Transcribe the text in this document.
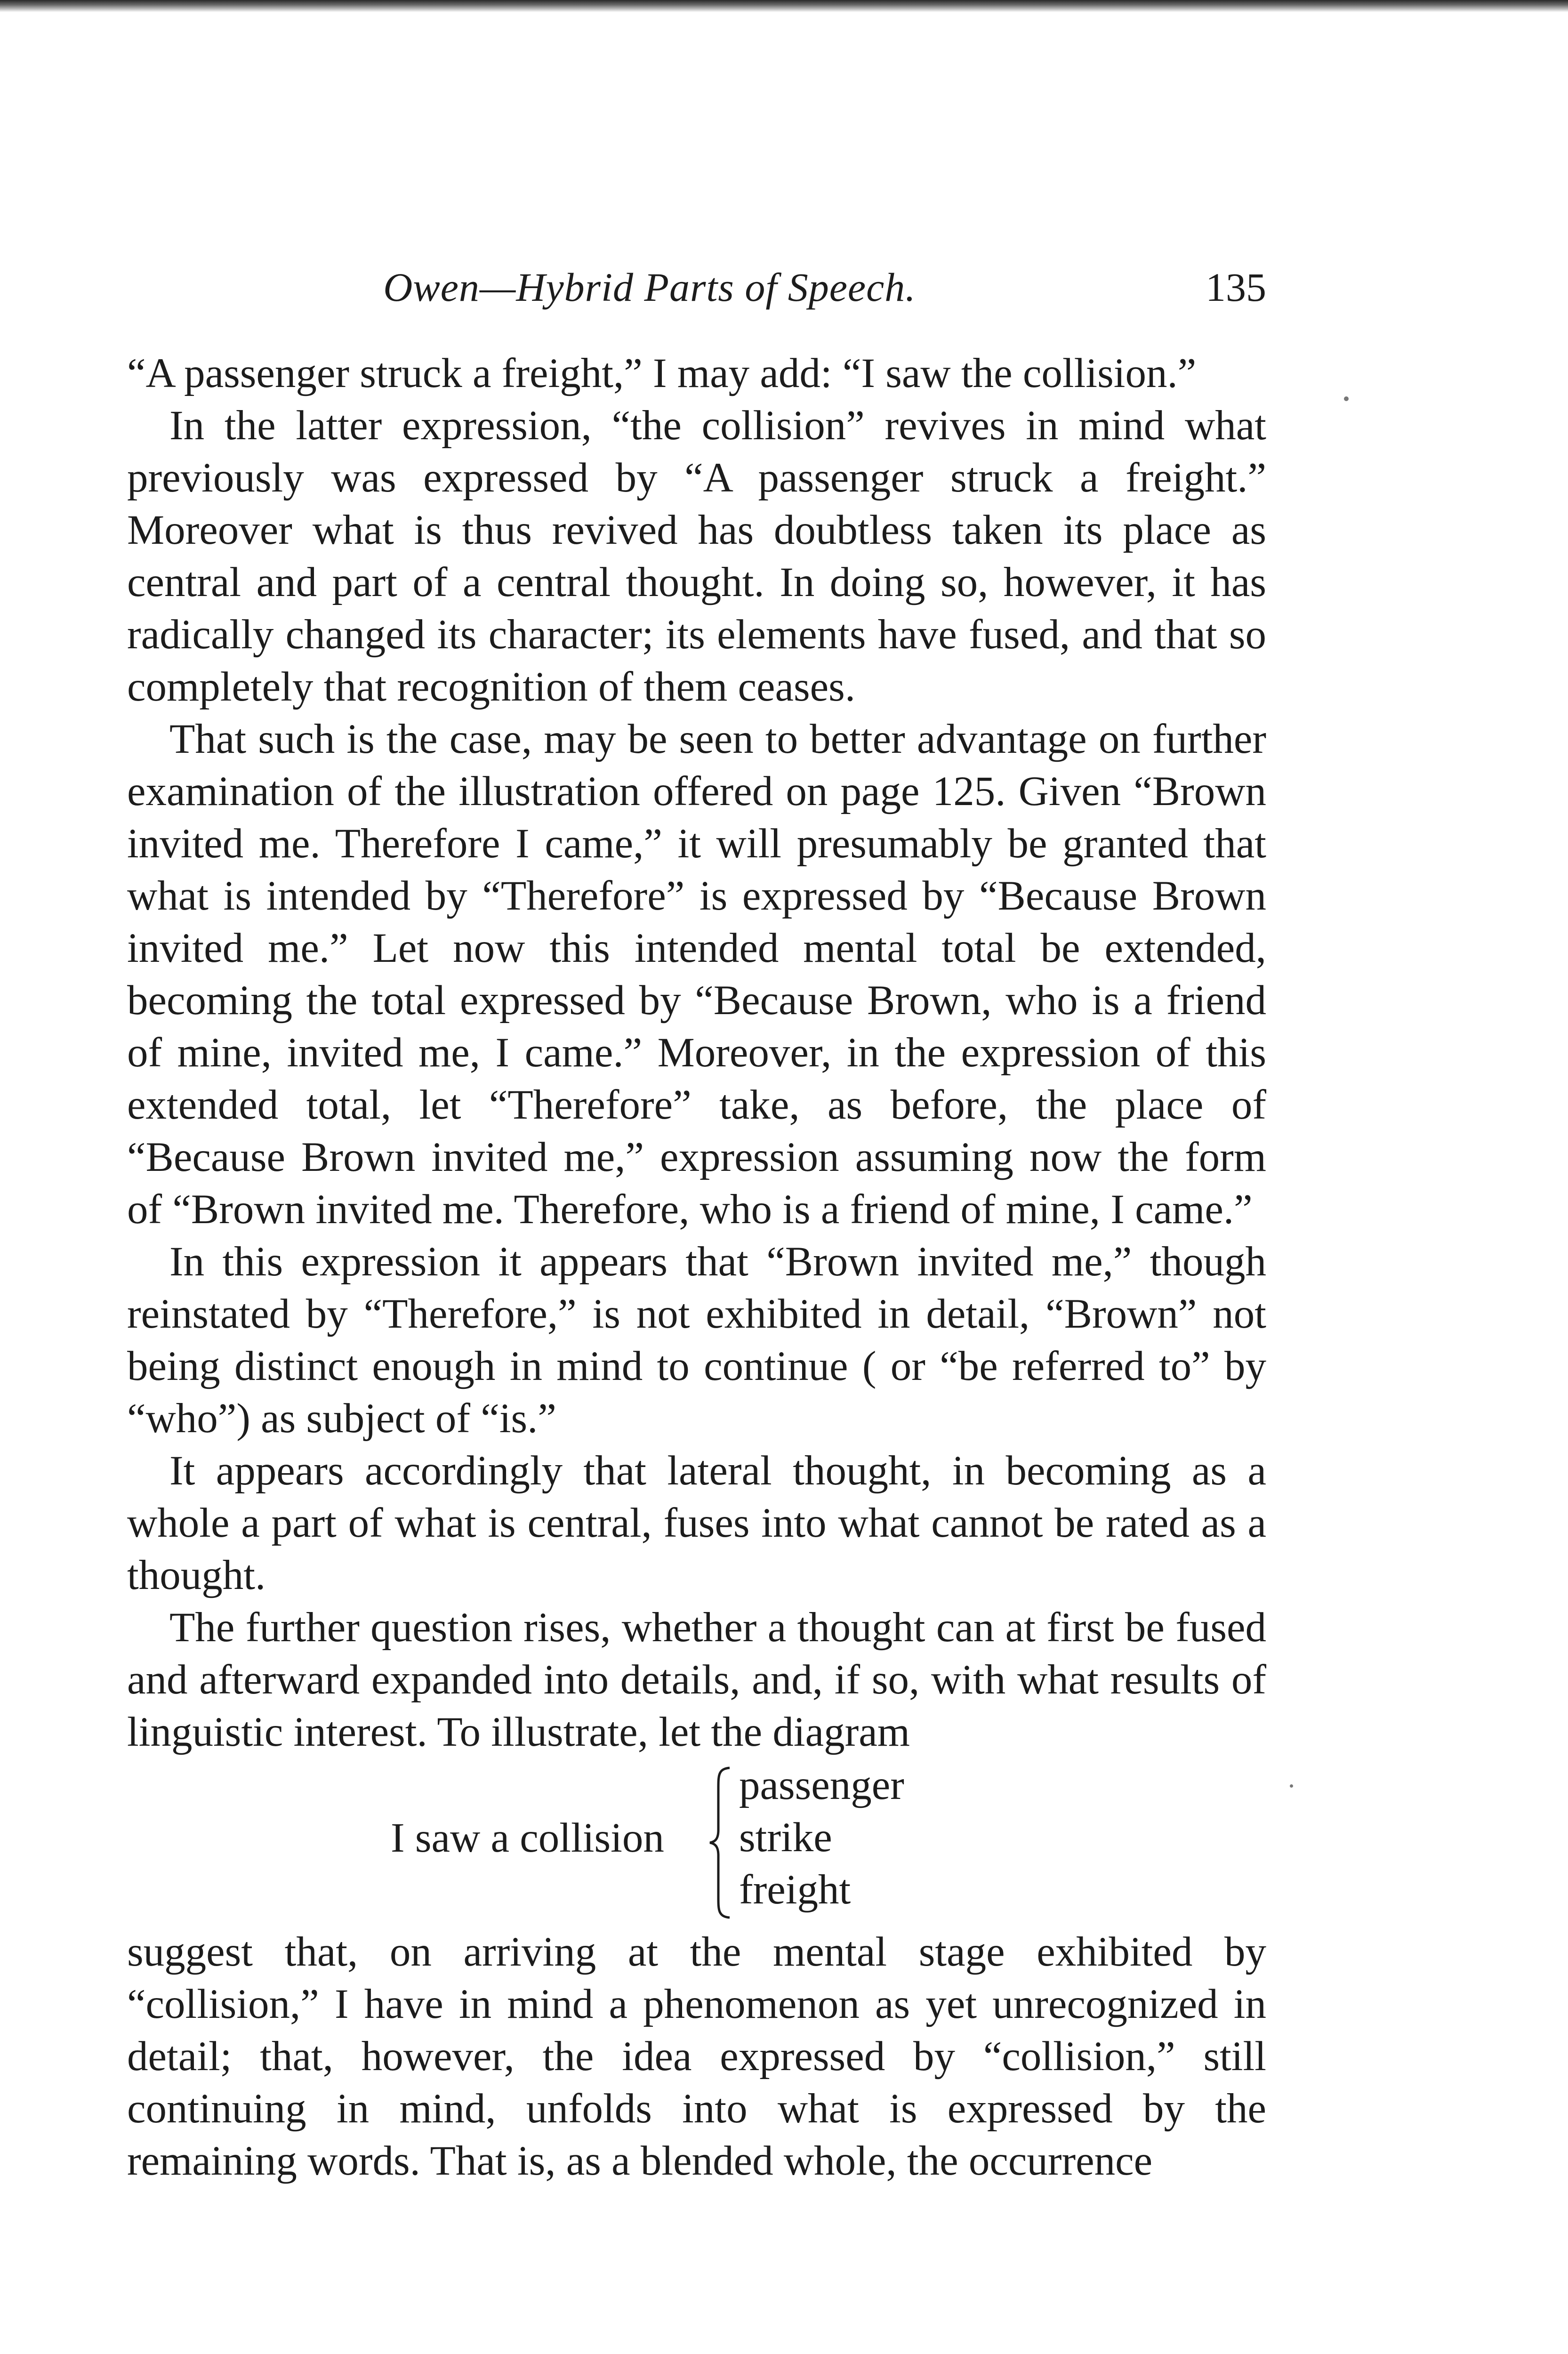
Owen—Hybrid Parts of Speech.	135

“A passenger struck a freight,” I may add: “I saw the collision.”

In the latter expression, “the collision” revives in mind what previously was expressed by “A passenger struck a freight.” Moreover what is thus revived has doubtless taken its place as central and part of a central thought. In doing so, however, it has radically changed its character; its elements have fused, and that so completely that recognition of them ceases.

That such is the case, may be seen to better advantage on further examination of the illustration offered on page 125. Given “Brown invited me. Therefore I came,” it will presumably be granted that what is intended by “Therefore” is expressed by “Because Brown invited me.” Let now this intended mental total be extended, becoming the total expressed by “Because Brown, who is a friend of mine, invited me, I came.” Moreover, in the expression of this extended total, let “Therefore” take, as before, the place of “Because Brown invited me,” expression assuming now the form of “Brown invited me. Therefore, who is a friend of mine, I came.”

In this expression it appears that “Brown invited me,” though reinstated by “Therefore,” is not exhibited in detail, “Brown” not being distinct enough in mind to continue ( or “be referred to” by “who”) as subject of “is.”

It appears accordingly that lateral thought, in becoming as a whole a part of what is central, fuses into what cannot be rated as a thought.

The further question rises, whether a thought can at first be fused and afterward expanded into details, and, if so, with what results of linguistic interest. To illustrate, let the diagram

I saw a collision
passenger
strike
freight

suggest that, on arriving at the mental stage exhibited by “collision,” I have in mind a phenomenon as yet unrecognized in detail; that, however, the idea expressed by “collision,” still continuing in mind, unfolds into what is expressed by the remaining words. That is, as a blended whole, the occurrence
